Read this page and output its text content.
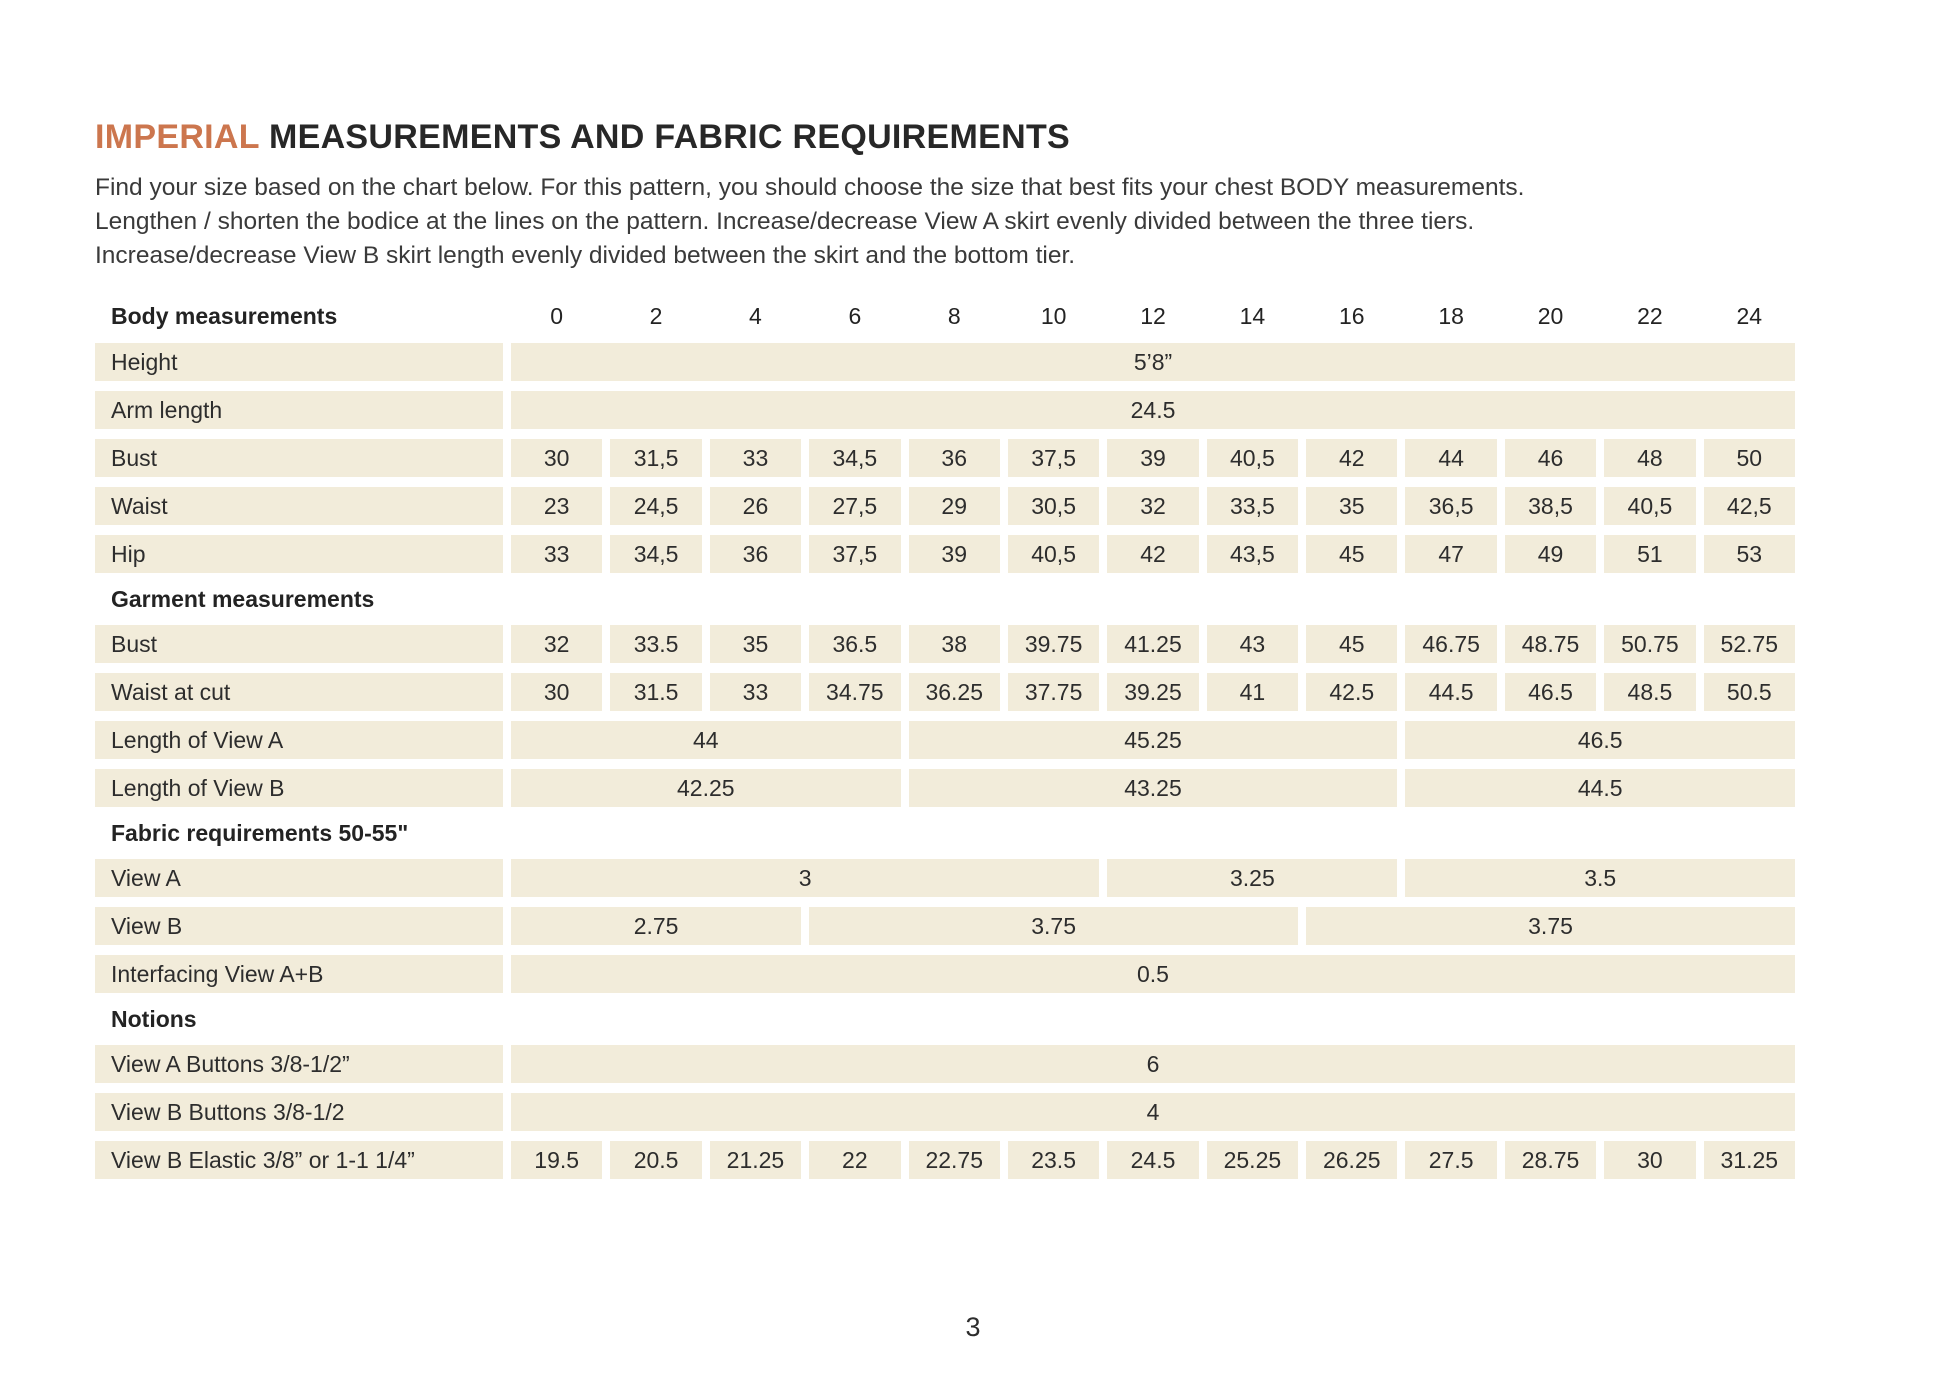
IMPERIAL MEASUREMENTS AND FABRIC REQUIREMENTS
Find your size based on the chart below. For this pattern, you should choose the size that best fits your chest BODY measurements.
Lengthen / shorten the bodice at the lines on the pattern. Increase/decrease View A skirt evenly divided between the three tiers.
Increase/decrease View B skirt length evenly divided between the skirt and the bottom tier.
Body measurements	0	2	4	6	8	10	12	14	16	18	20	22	24
Height	5’8”
Arm length	24.5
Bust	30	31,5	33	34,5	36	37,5	39	40,5	42	44	46	48	50
Waist	23	24,5	26	27,5	29	30,5	32	33,5	35	36,5	38,5	40,5	42,5
Hip	33	34,5	36	37,5	39	40,5	42	43,5	45	47	49	51	53
Garment measurements
Bust	32	33.5	35	36.5	38	39.75	41.25	43	45	46.75	48.75	50.75	52.75
Waist at cut	30	31.5	33	34.75	36.25	37.75	39.25	41	42.5	44.5	46.5	48.5	50.5
Length of View A	44	45.25	46.5
Length of View B	42.25	43.25	44.5
Fabric requirements 50-55"
View A	3	3.25	3.5
View B	2.75	3.75	3.75
Interfacing View A+B	0.5
Notions
View A Buttons 3/8-1/2”	6
View B Buttons 3/8-1/2	4
View B Elastic 3/8” or 1-1 1/4”	19.5	20.5	21.25	22	22.75	23.5	24.5	25.25	26.25	27.5	28.75	30	31.25
3
